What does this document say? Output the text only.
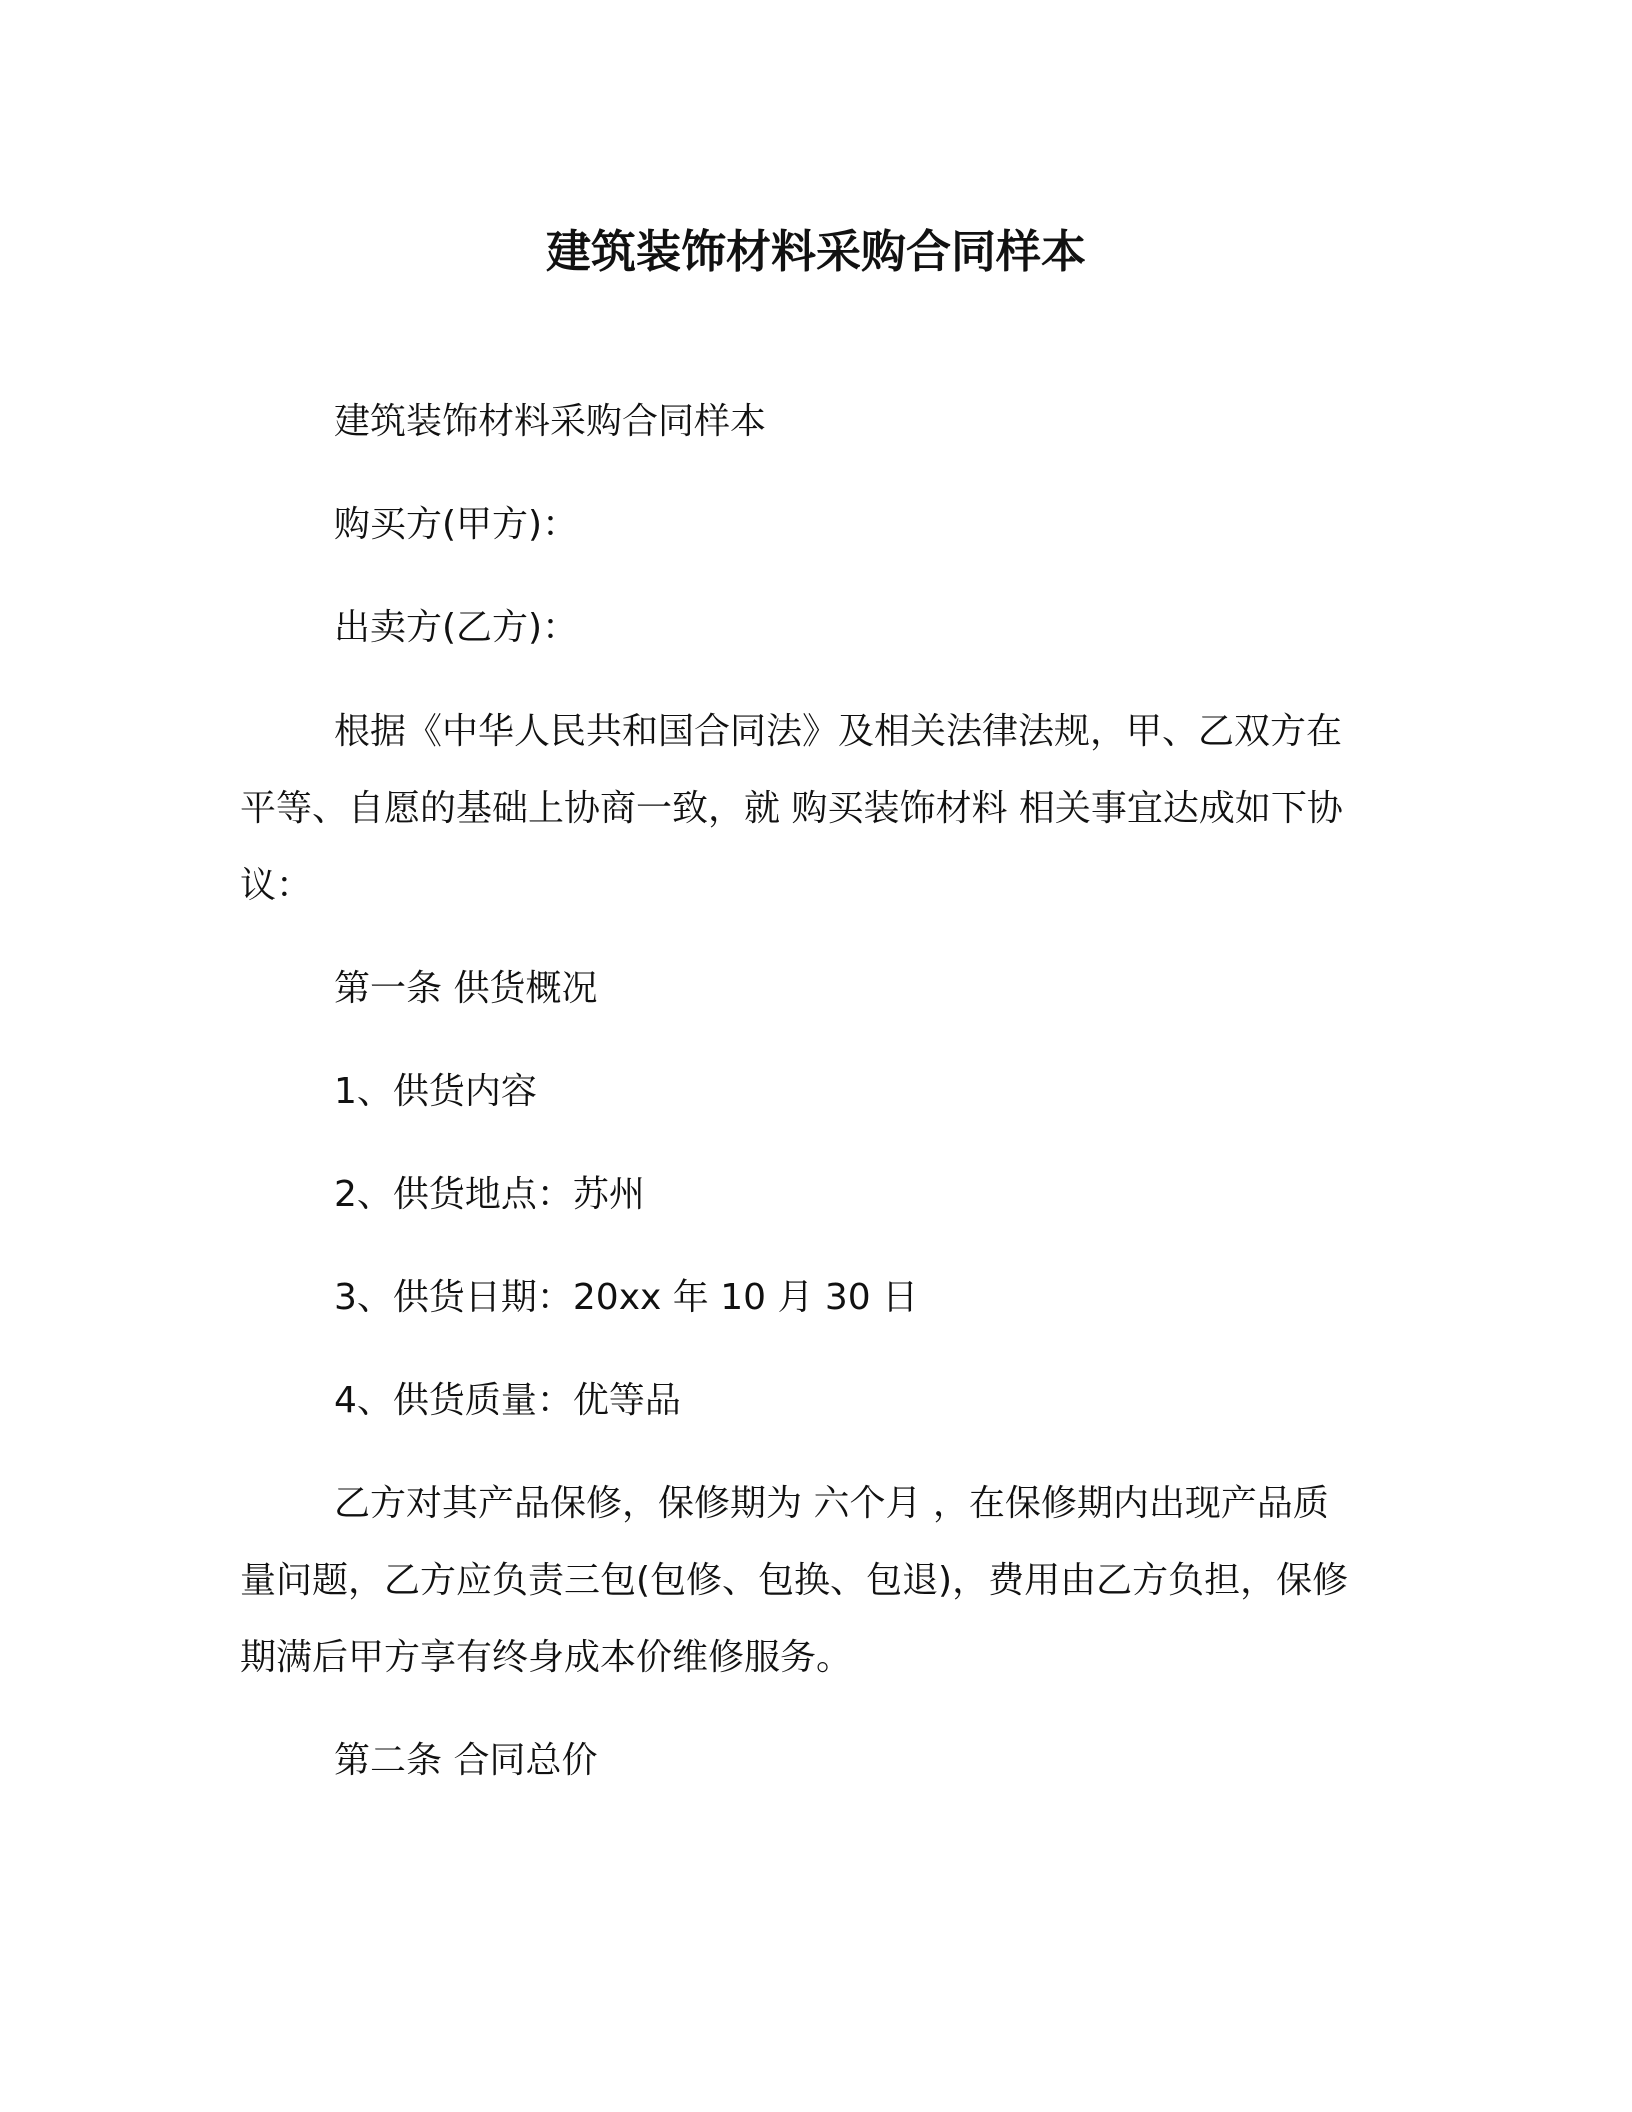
建筑装饰材料采购合同样本

建筑装饰材料采购合同样本

购买方(甲方)：

出卖方(乙方)：

根据《中华人民共和国合同法》及相关法律法规，甲、乙双方在

平等、自愿的基础上协商一致，就 购买装饰材料 相关事宜达成如下协

议：

第一条 供货概况

1、供货内容

2、供货地点：苏州

3、供货日期：20xx 年 10 月 30 日

4、供货质量：优等品

乙方对其产品保修，保修期为 六个月 ，在保修期内出现产品质

量问题，乙方应负责三包(包修、包换、包退)，费用由乙方负担，保修

期满后甲方享有终身成本价维修服务。

第二条 合同总价
